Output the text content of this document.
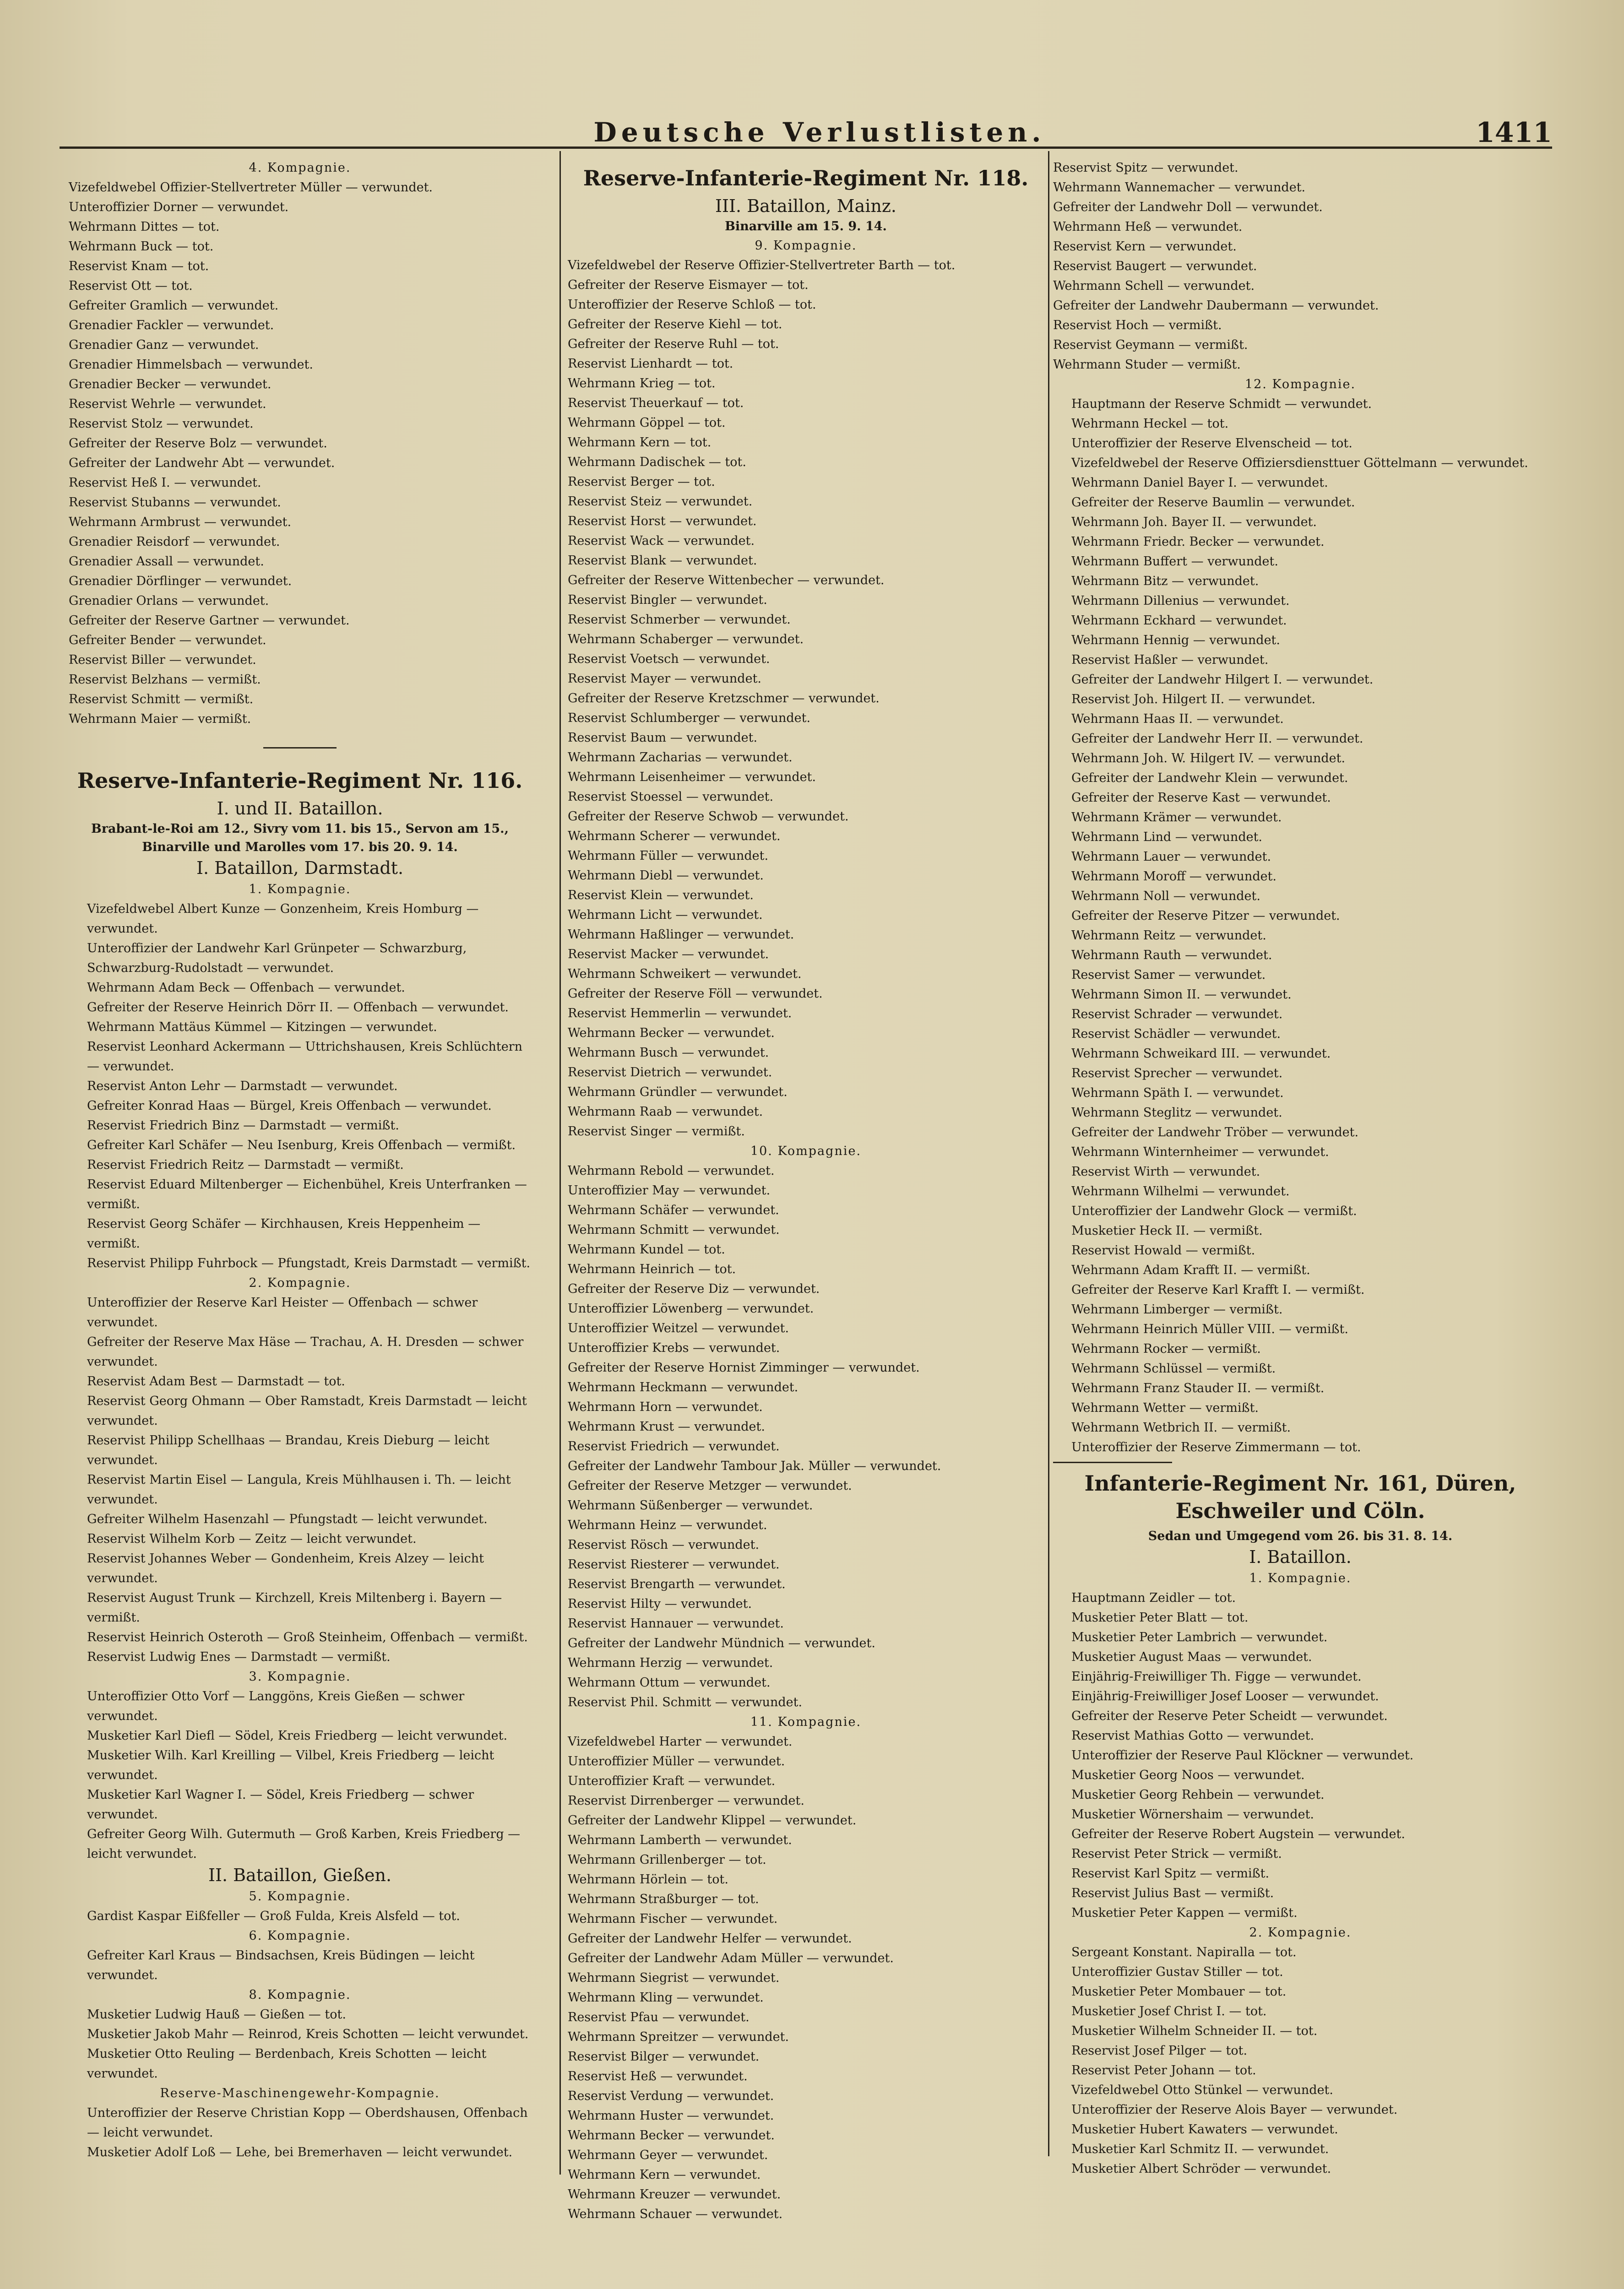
Deutsche Verlustlisten.	1411
4. Kompagnie.
Vizefeldwebel Offizier-Stellvertreter Müller — verwundet.
Unteroffizier Dorner — verwundet.
Wehrmann Dittes — tot.
Wehrmann Buck — tot.
Reservist Knam — tot.
Reservist Ott — tot.
Gefreiter Gramlich — verwundet.
Grenadier Fackler — verwundet.
Grenadier Ganz — verwundet.
Grenadier Himmelsbach — verwundet.
Grenadier Becker — verwundet.
Reservist Wehrle — verwundet.
Reservist Stolz — verwundet.
Gefreiter der Reserve Bolz — verwundet.
Gefreiter der Landwehr Abt — verwundet.
Reservist Heß I. — verwundet.
Reservist Stubanns — verwundet.
Wehrmann Armbrust — verwundet.
Grenadier Reisdorf — verwundet.
Grenadier Assall — verwundet.
Grenadier Dörflinger — verwundet.
Grenadier Orlans — verwundet.
Gefreiter der Reserve Gartner — verwundet.
Gefreiter Bender — verwundet.
Reservist Biller — verwundet.
Reservist Belzhans — vermißt.
Reservist Schmitt — vermißt.
Wehrmann Maier — vermißt.
Reserve-Infanterie-Regiment Nr. 116.
I. und II. Bataillon.
Brabant-le-Roi am 12., Sivry vom 11. bis 15., Servon am 15., Binarville und Marolles vom 17. bis 20. 9. 14.
I. Bataillon, Darmstadt.
1. Kompagnie.
Vizefeldwebel Albert Kunze — Gonzenheim, Kreis Homburg — verwundet.
Unteroffizier der Landwehr Karl Grünpeter — Schwarzburg, Schwarzburg-Rudolstadt — verwundet.
Wehrmann Adam Beck — Offenbach — verwundet.
Gefreiter der Reserve Heinrich Dörr II. — Offenbach — verwundet.
Wehrmann Mattäus Kümmel — Kitzingen — verwundet.
Reservist Leonhard Ackermann — Uttrichshausen, Kreis Schlüchtern — verwundet.
Reservist Anton Lehr — Darmstadt — verwundet.
Gefreiter Konrad Haas — Bürgel, Kreis Offenbach — verwundet.
Reservist Friedrich Binz — Darmstadt — vermißt.
Gefreiter Karl Schäfer — Neu Isenburg, Kreis Offenbach — vermißt.
Reservist Friedrich Reitz — Darmstadt — vermißt.
Reservist Eduard Miltenberger — Eichenbühel, Kreis Unterfranken — vermißt.
Reservist Georg Schäfer — Kirchhausen, Kreis Heppenheim — vermißt.
Reservist Philipp Fuhrbock — Pfungstadt, Kreis Darmstadt — vermißt.
2. Kompagnie.
Unteroffizier der Reserve Karl Heister — Offenbach — schwer verwundet.
Gefreiter der Reserve Max Häse — Trachau, A. H. Dresden — schwer verwundet.
Reservist Adam Best — Darmstadt — tot.
Reservist Georg Ohmann — Ober Ramstadt, Kreis Darmstadt — leicht verwundet.
Reservist Philipp Schellhaas — Brandau, Kreis Dieburg — leicht verwundet.
Reservist Martin Eisel — Langula, Kreis Mühlhausen i. Th. — leicht verwundet.
Gefreiter Wilhelm Hasenzahl — Pfungstadt — leicht verwundet.
Reservist Wilhelm Korb — Zeitz — leicht verwundet.
Reservist Johannes Weber — Gondenheim, Kreis Alzey — leicht verwundet.
Reservist August Trunk — Kirchzell, Kreis Miltenberg i. Bayern — vermißt.
Reservist Heinrich Osteroth — Groß Steinheim, Offenbach — vermißt.
Reservist Ludwig Enes — Darmstadt — vermißt.
3. Kompagnie.
Unteroffizier Otto Vorf — Langgöns, Kreis Gießen — schwer verwundet.
Musketier Karl Diefl — Södel, Kreis Friedberg — leicht verwundet.
Musketier Wilh. Karl Kreilling — Vilbel, Kreis Friedberg — leicht verwundet.
Musketier Karl Wagner I. — Södel, Kreis Friedberg — schwer verwundet.
Gefreiter Georg Wilh. Gutermuth — Groß Karben, Kreis Friedberg — leicht verwundet.
II. Bataillon, Gießen.
5. Kompagnie.
Gardist Kaspar Eißfeller — Groß Fulda, Kreis Alsfeld — tot.
6. Kompagnie.
Gefreiter Karl Kraus — Bindsachsen, Kreis Büdingen — leicht verwundet.
8. Kompagnie.
Musketier Ludwig Hauß — Gießen — tot.
Musketier Jakob Mahr — Reinrod, Kreis Schotten — leicht verwundet.
Musketier Otto Reuling — Berdenbach, Kreis Schotten — leicht verwundet.
Reserve-Maschinengewehr-Kompagnie.
Unteroffizier der Reserve Christian Kopp — Oberdshausen, Offenbach — leicht verwundet.
Musketier Adolf Loß — Lehe, bei Bremerhaven — leicht verwundet.
Reserve-Infanterie-Regiment Nr. 118.
III. Bataillon, Mainz.
Binarville am 15. 9. 14.
9. Kompagnie.
Vizefeldwebel der Reserve Offizier-Stellvertreter Barth — tot.
Gefreiter der Reserve Eismayer — tot.
Unteroffizier der Reserve Schloß — tot.
Gefreiter der Reserve Kiehl — tot.
Gefreiter der Reserve Ruhl — tot.
Reservist Lienhardt — tot.
Wehrmann Krieg — tot.
Reservist Theuerkauf — tot.
Wehrmann Göppel — tot.
Wehrmann Kern — tot.
Wehrmann Dadischek — tot.
Reservist Berger — tot.
Reservist Steiz — verwundet.
Reservist Horst — verwundet.
Reservist Wack — verwundet.
Reservist Blank — verwundet.
Gefreiter der Reserve Wittenbecher — verwundet.
Reservist Bingler — verwundet.
Reservist Schmerber — verwundet.
Wehrmann Schaberger — verwundet.
Reservist Voetsch — verwundet.
Reservist Mayer — verwundet.
Gefreiter der Reserve Kretzschmer — verwundet.
Reservist Schlumberger — verwundet.
Reservist Baum — verwundet.
Wehrmann Zacharias — verwundet.
Wehrmann Leisenheimer — verwundet.
Reservist Stoessel — verwundet.
Gefreiter der Reserve Schwob — verwundet.
Wehrmann Scherer — verwundet.
Wehrmann Füller — verwundet.
Wehrmann Diebl — verwundet.
Reservist Klein — verwundet.
Wehrmann Licht — verwundet.
Wehrmann Haßlinger — verwundet.
Reservist Macker — verwundet.
Wehrmann Schweikert — verwundet.
Gefreiter der Reserve Föll — verwundet.
Reservist Hemmerlin — verwundet.
Wehrmann Becker — verwundet.
Wehrmann Busch — verwundet.
Reservist Dietrich — verwundet.
Wehrmann Gründler — verwundet.
Wehrmann Raab — verwundet.
Reservist Singer — vermißt.
10. Kompagnie.
Wehrmann Rebold — verwundet.
Unteroffizier May — verwundet.
Wehrmann Schäfer — verwundet.
Wehrmann Schmitt — verwundet.
Wehrmann Kundel — tot.
Wehrmann Heinrich — tot.
Gefreiter der Reserve Diz — verwundet.
Unteroffizier Löwenberg — verwundet.
Unteroffizier Weitzel — verwundet.
Unteroffizier Krebs — verwundet.
Gefreiter der Reserve Hornist Zimminger — verwundet.
Wehrmann Heckmann — verwundet.
Wehrmann Horn — verwundet.
Wehrmann Krust — verwundet.
Reservist Friedrich — verwundet.
Gefreiter der Landwehr Tambour Jak. Müller — verwundet.
Gefreiter der Reserve Metzger — verwundet.
Wehrmann Süßenberger — verwundet.
Wehrmann Heinz — verwundet.
Reservist Rösch — verwundet.
Reservist Riesterer — verwundet.
Reservist Brengarth — verwundet.
Reservist Hilty — verwundet.
Reservist Hannauer — verwundet.
Gefreiter der Landwehr Mündnich — verwundet.
Wehrmann Herzig — verwundet.
Wehrmann Ottum — verwundet.
Reservist Phil. Schmitt — verwundet.
11. Kompagnie.
Vizefeldwebel Harter — verwundet.
Unteroffizier Müller — verwundet.
Unteroffizier Kraft — verwundet.
Reservist Dirrenberger — verwundet.
Gefreiter der Landwehr Klippel — verwundet.
Wehrmann Lamberth — verwundet.
Wehrmann Grillenberger — tot.
Wehrmann Hörlein — tot.
Wehrmann Straßburger — tot.
Wehrmann Fischer — verwundet.
Gefreiter der Landwehr Helfer — verwundet.
Gefreiter der Landwehr Adam Müller — verwundet.
Wehrmann Siegrist — verwundet.
Wehrmann Kling — verwundet.
Reservist Pfau — verwundet.
Wehrmann Spreitzer — verwundet.
Reservist Bilger — verwundet.
Reservist Heß — verwundet.
Reservist Verdung — verwundet.
Wehrmann Huster — verwundet.
Wehrmann Becker — verwundet.
Wehrmann Geyer — verwundet.
Wehrmann Kern — verwundet.
Wehrmann Kreuzer — verwundet.
Wehrmann Schauer — verwundet.
Reservist Spitz — verwundet.
Wehrmann Wannemacher — verwundet.
Gefreiter der Landwehr Doll — verwundet.
Wehrmann Heß — verwundet.
Reservist Kern — verwundet.
Reservist Baugert — verwundet.
Wehrmann Schell — verwundet.
Gefreiter der Landwehr Daubermann — verwundet.
Reservist Hoch — vermißt.
Reservist Geymann — vermißt.
Wehrmann Studer — vermißt.
12. Kompagnie.
Hauptmann der Reserve Schmidt — verwundet.
Wehrmann Heckel — tot.
Unteroffizier der Reserve Elvenscheid — tot.
Vizefeldwebel der Reserve Offiziersdiensttuer Göttelmann — verwundet.
Wehrmann Daniel Bayer I. — verwundet.
Gefreiter der Reserve Baumlin — verwundet.
Wehrmann Joh. Bayer II. — verwundet.
Wehrmann Friedr. Becker — verwundet.
Wehrmann Buffert — verwundet.
Wehrmann Bitz — verwundet.
Wehrmann Dillenius — verwundet.
Wehrmann Eckhard — verwundet.
Wehrmann Hennig — verwundet.
Reservist Haßler — verwundet.
Gefreiter der Landwehr Hilgert I. — verwundet.
Reservist Joh. Hilgert II. — verwundet.
Wehrmann Haas II. — verwundet.
Gefreiter der Landwehr Herr II. — verwundet.
Wehrmann Joh. W. Hilgert IV. — verwundet.
Gefreiter der Landwehr Klein — verwundet.
Gefreiter der Reserve Kast — verwundet.
Wehrmann Krämer — verwundet.
Wehrmann Lind — verwundet.
Wehrmann Lauer — verwundet.
Wehrmann Moroff — verwundet.
Wehrmann Noll — verwundet.
Gefreiter der Reserve Pitzer — verwundet.
Wehrmann Reitz — verwundet.
Wehrmann Rauth — verwundet.
Reservist Samer — verwundet.
Wehrmann Simon II. — verwundet.
Reservist Schrader — verwundet.
Reservist Schädler — verwundet.
Wehrmann Schweikard III. — verwundet.
Reservist Sprecher — verwundet.
Wehrmann Späth I. — verwundet.
Wehrmann Steglitz — verwundet.
Gefreiter der Landwehr Tröber — verwundet.
Wehrmann Winternheimer — verwundet.
Reservist Wirth — verwundet.
Wehrmann Wilhelmi — verwundet.
Unteroffizier der Landwehr Glock — vermißt.
Musketier Heck II. — vermißt.
Reservist Howald — vermißt.
Wehrmann Adam Krafft II. — vermißt.
Gefreiter der Reserve Karl Krafft I. — vermißt.
Wehrmann Limberger — vermißt.
Wehrmann Heinrich Müller VIII. — vermißt.
Wehrmann Rocker — vermißt.
Wehrmann Schlüssel — vermißt.
Wehrmann Franz Stauder II. — vermißt.
Wehrmann Wetter — vermißt.
Wehrmann Wetbrich II. — vermißt.
Unteroffizier der Reserve Zimmermann — tot.
Infanterie-Regiment Nr. 161, Düren, Eschweiler und Cöln.
Sedan und Umgegend vom 26. bis 31. 8. 14.
I. Bataillon.
1. Kompagnie.
Hauptmann Zeidler — tot.
Musketier Peter Blatt — tot.
Musketier Peter Lambrich — verwundet.
Musketier August Maas — verwundet.
Einjährig-Freiwilliger Th. Figge — verwundet.
Einjährig-Freiwilliger Josef Looser — verwundet.
Gefreiter der Reserve Peter Scheidt — verwundet.
Reservist Mathias Gotto — verwundet.
Unteroffizier der Reserve Paul Klöckner — verwundet.
Musketier Georg Noos — verwundet.
Musketier Georg Rehbein — verwundet.
Musketier Wörnershaim — verwundet.
Gefreiter der Reserve Robert Augstein — verwundet.
Reservist Peter Strick — vermißt.
Reservist Karl Spitz — vermißt.
Reservist Julius Bast — vermißt.
Musketier Peter Kappen — vermißt.
2. Kompagnie.
Sergeant Konstant. Napiralla — tot.
Unteroffizier Gustav Stiller — tot.
Musketier Peter Mombauer — tot.
Musketier Josef Christ I. — tot.
Musketier Wilhelm Schneider II. — tot.
Reservist Josef Pilger — tot.
Reservist Peter Johann — tot.
Vizefeldwebel Otto Stünkel — verwundet.
Unteroffizier der Reserve Alois Bayer — verwundet.
Musketier Hubert Kawaters — verwundet.
Musketier Karl Schmitz II. — verwundet.
Musketier Albert Schröder — verwundet.
